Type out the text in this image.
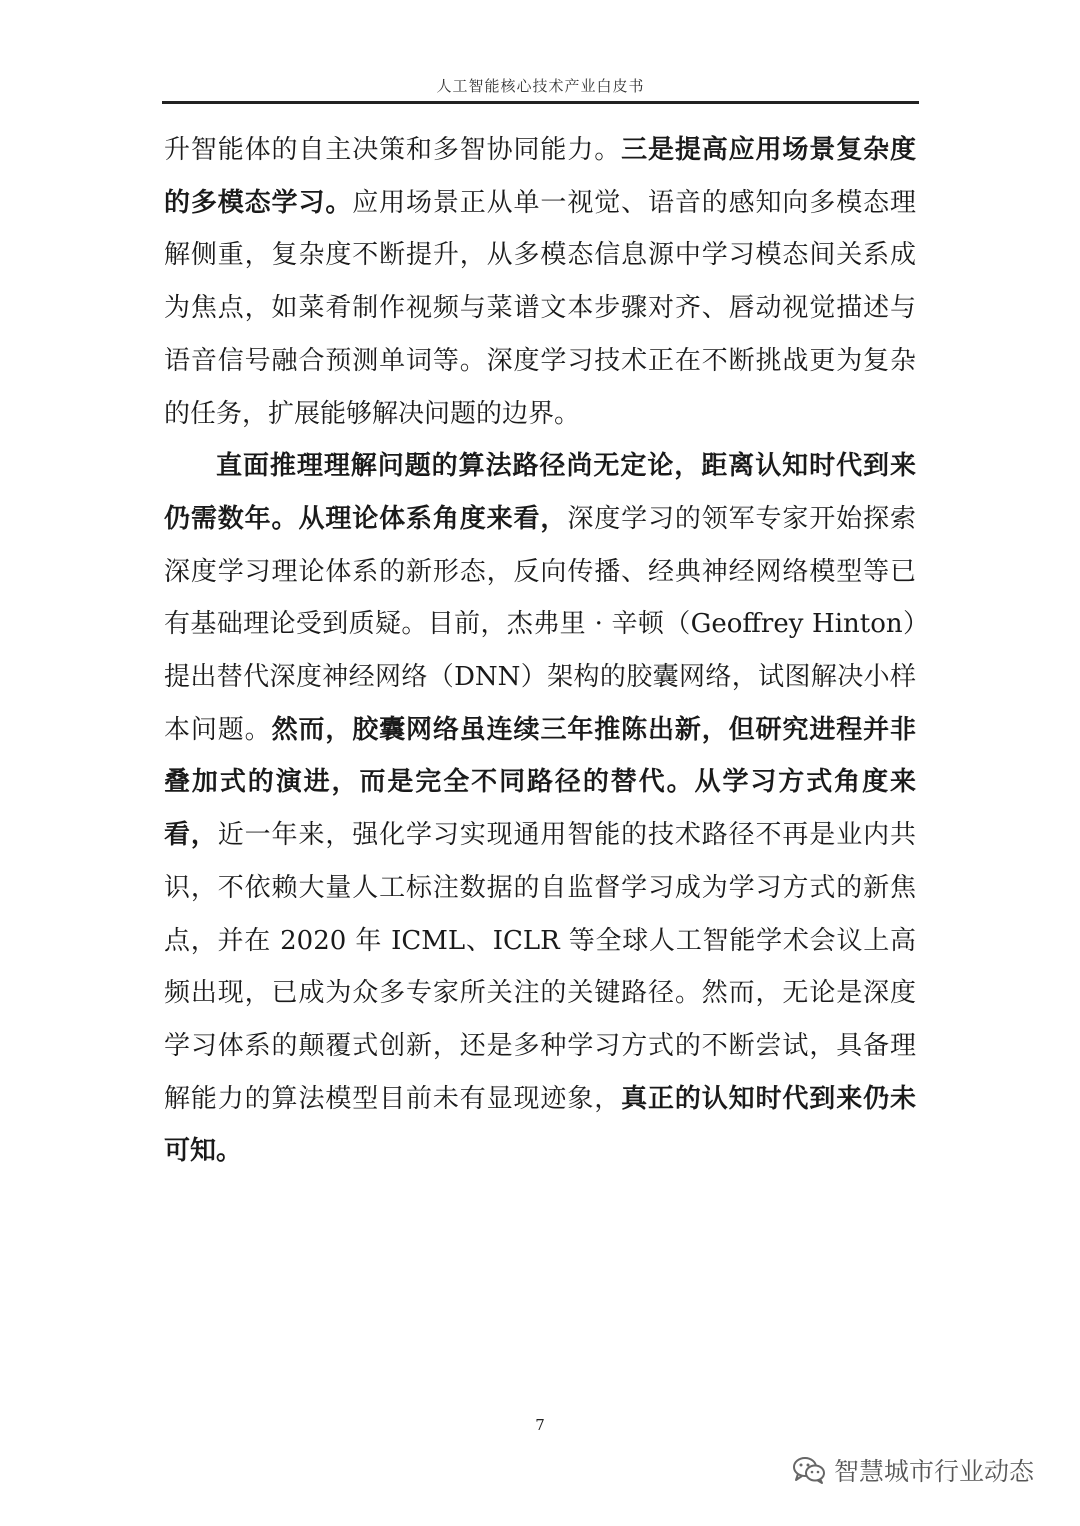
人工智能核心技术产业白皮书

升智能体的自主决策和多智协同能力。三是提高应用场景复杂度的多模态学习。应用场景正从单一视觉、语音的感知向多模态理解侧重，复杂度不断提升，从多模态信息源中学习模态间关系成为焦点，如菜肴制作视频与菜谱文本步骤对齐、唇动视觉描述与语音信号融合预测单词等。深度学习技术正在不断挑战更为复杂的任务，扩展能够解决问题的边界。

直面推理理解问题的算法路径尚无定论，距离认知时代到来仍需数年。从理论体系角度来看，深度学习的领军专家开始探索深度学习理论体系的新形态，反向传播、经典神经网络模型等已有基础理论受到质疑。目前，杰弗里 · 辛顿（Geoffrey Hinton）提出替代深度神经网络（DNN）架构的胶囊网络，试图解决小样本问题。然而，胶囊网络虽连续三年推陈出新，但研究进程并非叠加式的演进，而是完全不同路径的替代。从学习方式角度来看，近一年来，强化学习实现通用智能的技术路径不再是业内共识，不依赖大量人工标注数据的自监督学习成为学习方式的新焦点，并在 2020 年 ICML、ICLR 等全球人工智能学术会议上高频出现，已成为众多专家所关注的关键路径。然而，无论是深度学习体系的颠覆式创新，还是多种学习方式的不断尝试，具备理解能力的算法模型目前未有显现迹象，真正的认知时代到来仍未可知。

7
智慧城市行业动态
